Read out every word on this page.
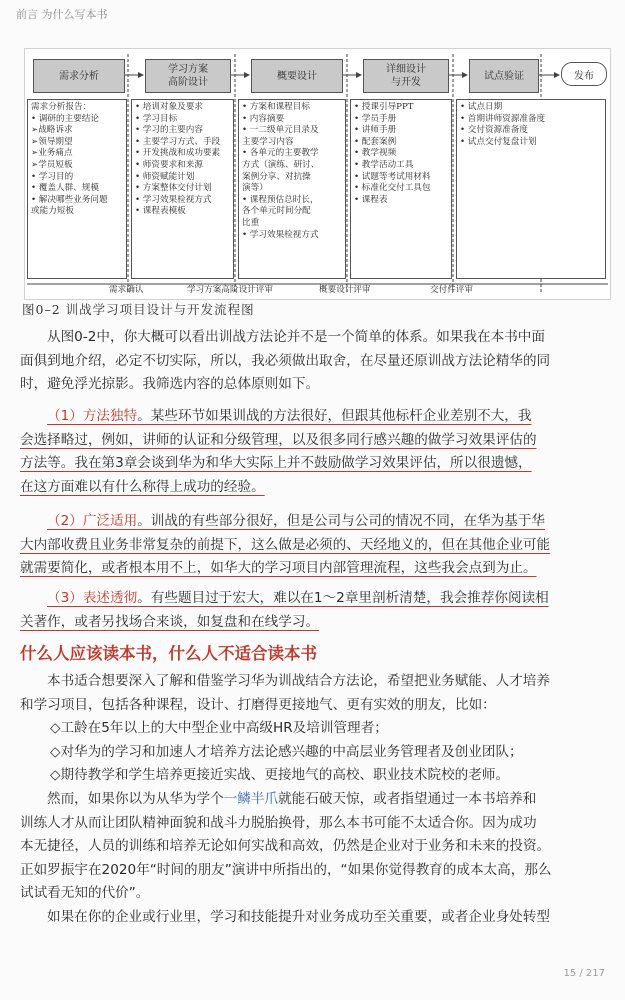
前言 为什么写本书
需求分析
学习方案
高阶设计
概要设计
详细设计
与开发
试点验证	发布
需求分析报告：
• 调研的主要结论
➢战略诉求
➢领导期望
➢业务痛点
➢学员短板
• 学习目的
• 覆盖人群、规模
• 解决哪些业务问题
或能力短板
• 培训对象及要求
• 学习目标
• 学习的主要内容
• 主要学习方式、手段
• 开发挑战和成功要素
• 师资要求和来源
• 师资赋能计划
• 方案整体交付计划
• 学习效果检视方式
• 课程表模板
• 方案和课程目标
• 内容摘要
• 一二级单元目录及
主要学习内容
• 各单元的主要教学
方式（演练、研讨、
案例分享、对抗操
演等）
• 课程预估总时长，
各个单元时间分配
比重
• 学习效果检视方式
• 授课引导PPT
• 学员手册
• 讲师手册
• 配套案例
• 教学视频
• 教学活动工具
• 试题等考试用材料
• 标准化交付工具包
• 课程表
• 试点日期
• 首期讲师资源准备度
• 交付资源准备度
• 试点交付复盘计划
需求确认	学习方案高阶设计评审	概要设计评审	交付件评审
图0–2 训战学习项目设计与开发流程图
从图0-2中，你大概可以看出训战方法论并不是一个简单的体系。如果我在本书中面
面俱到地介绍，必定不切实际，所以，我必须做出取舍，在尽量还原训战方法论精华的同
时，避免浮光掠影。我筛选内容的总体原则如下。
（1）方法独特。某些环节如果训战的方法很好，但跟其他标杆企业差别不大，我
会选择略过，例如，讲师的认证和分级管理，以及很多同行感兴趣的做学习效果评估的
方法等。我在第3章会谈到华为和华大实际上并不鼓励做学习效果评估，所以很遗憾，
在这方面难以有什么称得上成功的经验。
（2）广泛适用。训战的有些部分很好，但是公司与公司的情况不同，在华为基于华
大内部收费且业务非常复杂的前提下，这么做是必须的、天经地义的，但在其他企业可能
就需要简化，或者根本用不上，如华大的学习项目内部管理流程，这些我会点到为止。
（3）表述透彻。有些题目过于宏大，难以在1～2章里剖析清楚，我会推荐你阅读相
关著作，或者另找场合来谈，如复盘和在线学习。
什么人应该读本书，什么人不适合读本书
本书适合想要深入了解和借鉴学习华为训战结合方法论，希望把业务赋能、人才培养
和学习项目，包括各种课程，设计、打磨得更接地气、更有实效的朋友，比如：
◇工龄在5年以上的大中型企业中高级HR及培训管理者；
◇对华为的学习和加速人才培养方法论感兴趣的中高层业务管理者及创业团队；
◇期待教学和学生培养更接近实战、更接地气的高校、职业技术院校的老师。
然而，如果你以为从华为学个一鳞半爪就能石破天惊，或者指望通过一本书培养和
训练人才从而让团队精神面貌和战斗力脱胎换骨，那么本书可能不太适合你。因为成功
本无捷径，人员的训练和培养无论如何实战和高效，仍然是企业对于业务和未来的投资。
正如罗振宇在2020年“时间的朋友”演讲中所指出的，“如果你觉得教育的成本太高，那么
试试看无知的代价”。
如果在你的企业或行业里，学习和技能提升对业务成功至关重要，或者企业身处转型
15 / 217
